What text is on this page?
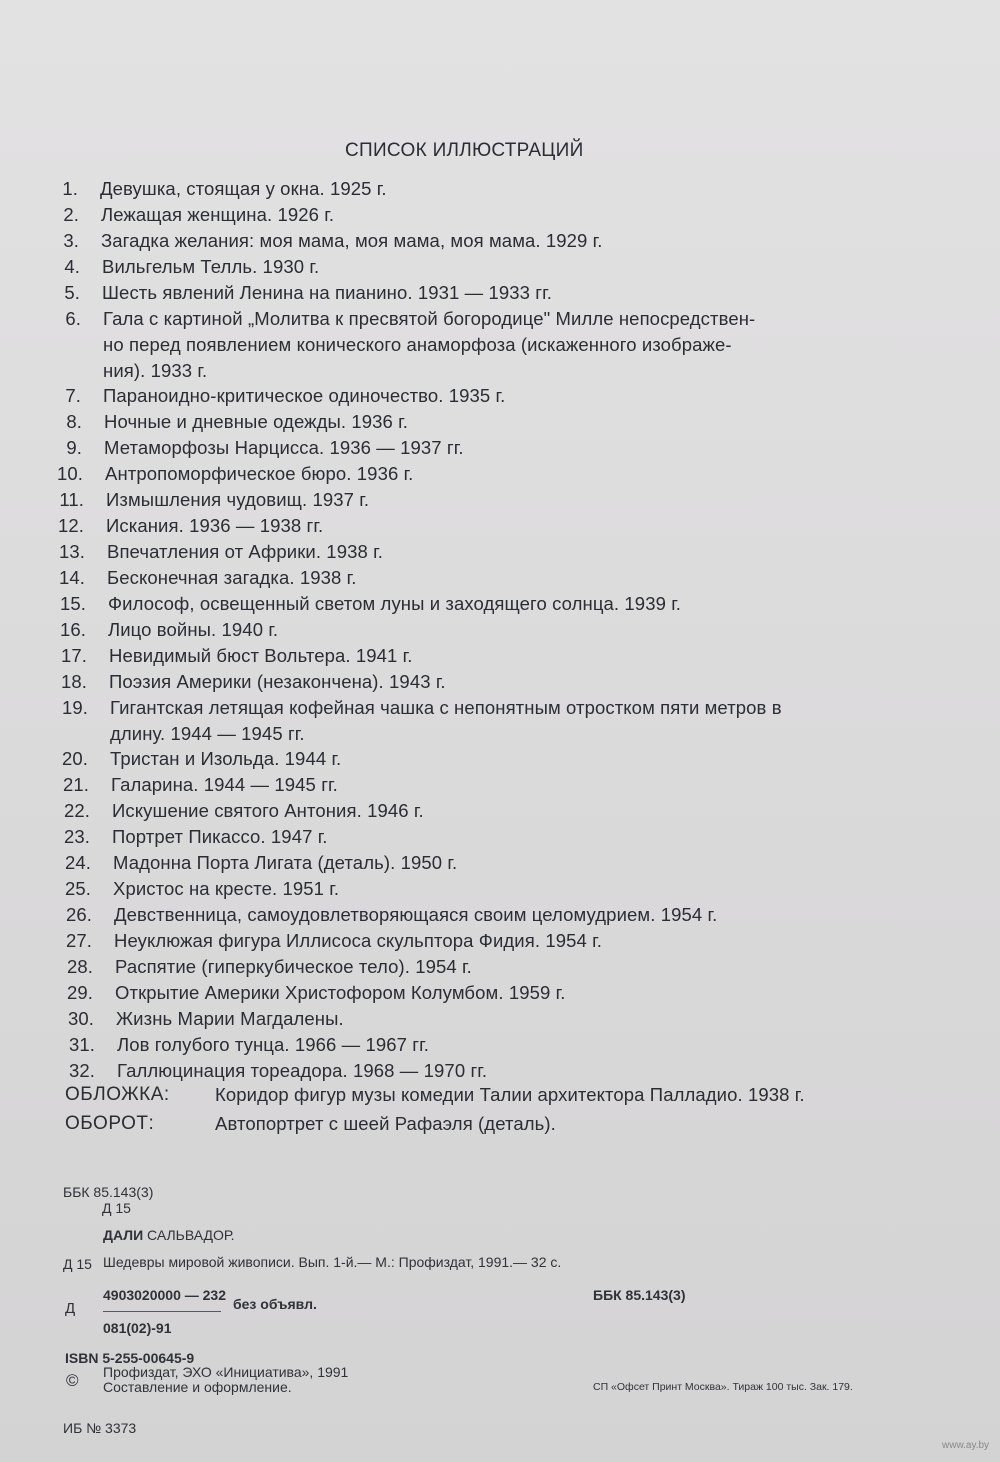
СПИСОК ИЛЛЮСТРАЦИЙ
1. Девушка, стоящая у окна. 1925 г.
2. Лежащая женщина. 1926 г.
3. Загадка желания: моя мама, моя мама, моя мама. 1929 г.
4. Вильгельм Телль. 1930 г.
5. Шесть явлений Ленина на пианино. 1931 — 1933 гг.
6. Гала с картиной „Молитва к пресвятой богородице" Милле непосредствен-
но перед появлением конического анаморфоза (искаженного изображе-
ния). 1933 г.
7. Параноидно-критическое одиночество. 1935 г.
8. Ночные и дневные одежды. 1936 г.
9. Метаморфозы Нарцисса. 1936 — 1937 гг.
10. Антропоморфическое бюро. 1936 г.
11. Измышления чудовищ. 1937 г.
12. Искания. 1936 — 1938 гг.
13. Впечатления от Африки. 1938 г.
14. Бесконечная загадка. 1938 г.
15. Философ, освещенный светом луны и заходящего солнца. 1939 г.
16. Лицо войны. 1940 г.
17. Невидимый бюст Вольтера. 1941 г.
18. Поэзия Америки (незакончена). 1943 г.
19. Гигантская летящая кофейная чашка с непонятным отростком пяти метров в
длину. 1944 — 1945 гг.
20. Тристан и Изольда. 1944 г.
21. Галарина. 1944 — 1945 гг.
22. Искушение святого Антония. 1946 г.
23. Портрет Пикассо. 1947 г.
24. Мадонна Порта Лигата (деталь). 1950 г.
25. Христос на кресте. 1951 г.
26. Девственница, самоудовлетворяющаяся своим целомудрием. 1954 г.
27. Неуклюжая фигура Иллисоса скульптора Фидия. 1954 г.
28. Распятие (гиперкубическое тело). 1954 г.
29. Открытие Америки Христофором Колумбом. 1959 г.
30. Жизнь Марии Магдалены.
31. Лов голубого тунца. 1966 — 1967 гг.
32. Галлюцинация тореадора. 1968 — 1970 гг.
ОБЛОЖКА: Коридор фигур музы комедии Талии архитектора Палладио. 1938 г.
ОБОРОТ:	Автопортрет с шеей Рафаэля (деталь).
ББК 85.143(3)
Д 15
ДАЛИ САЛЬВАДОР.
Д 15 Шедевры мировой живописи. Вып. 1-й.— М.: Профиздат, 1991.— 32 с.
Д
4903020000 — 232
081(02)-91
без объявл.
ББК 85.143(3)
ISBN 5-255-00645-9
© Профиздат, ЭХО «Инициатива», 1991
Составление и оформление.	СП «Офсет Принт Москва». Тираж 100 тыс. Зак. 179.
ИБ № 3373
www.ay.by
